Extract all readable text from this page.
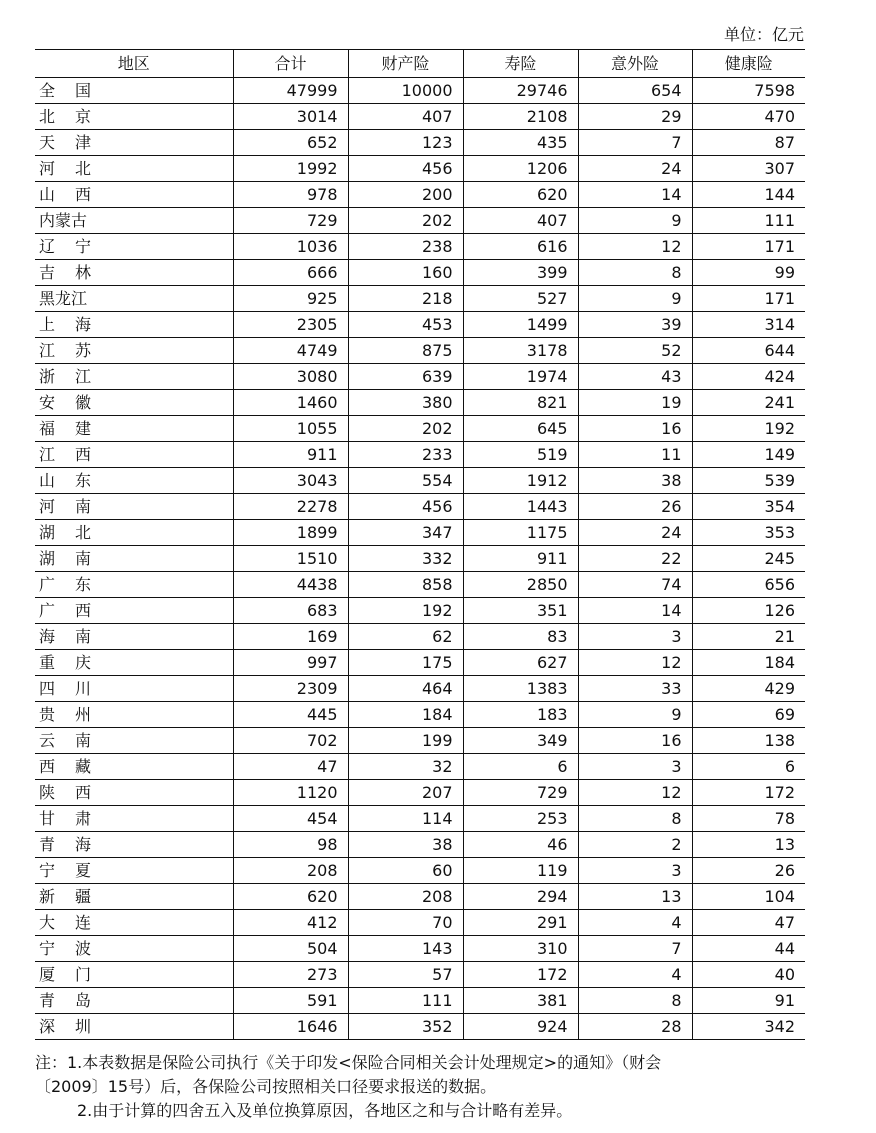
单位：亿元
地区	合计	财产险	寿险	意外险	健康险

全 国	47999	10000	29746	654	7598

北 京	3014	407	2108	29	470

天 津	652	123	435	7	87

河 北	1992	456	1206	24	307

山 西	978	200	620	14	144

内蒙古	729	202	407	9	111

辽 宁	1036	238	616	12	171

吉 林	666	160	399	8	99

黑龙江	925	218	527	9	171

上 海	2305	453	1499	39	314

江 苏	4749	875	3178	52	644

浙 江	3080	639	1974	43	424

安 徽	1460	380	821	19	241

福 建	1055	202	645	16	192

江 西	911	233	519	11	149

山 东	3043	554	1912	38	539

河 南	2278	456	1443	26	354

湖 北	1899	347	1175	24	353

湖 南	1510	332	911	22	245

广 东	4438	858	2850	74	656

广 西	683	192	351	14	126

海 南	169	62	83	3	21

重 庆	997	175	627	12	184

四 川	2309	464	1383	33	429

贵 州	445	184	183	9	69

云 南	702	199	349	16	138

西 藏	47	32	6	3	6

陕 西	1120	207	729	12	172

甘 肃	454	114	253	8	78

青 海	98	38	46	2	13

宁 夏	208	60	119	3	26

新 疆	620	208	294	13	104

大 连	412	70	291	4	47

宁 波	504	143	310	7	44

厦 门	273	57	172	4	40

青 岛	591	111	381	8	91

深 圳	1646	352	924	28	342
注：1.本表数据是保险公司执行《关于印发<保险合同相关会计处理规定>的通知》（财会
〔2009〕15号）后，各保险公司按照相关口径要求报送的数据。
2.由于计算的四舍五入及单位换算原因，各地区之和与合计略有差异。
